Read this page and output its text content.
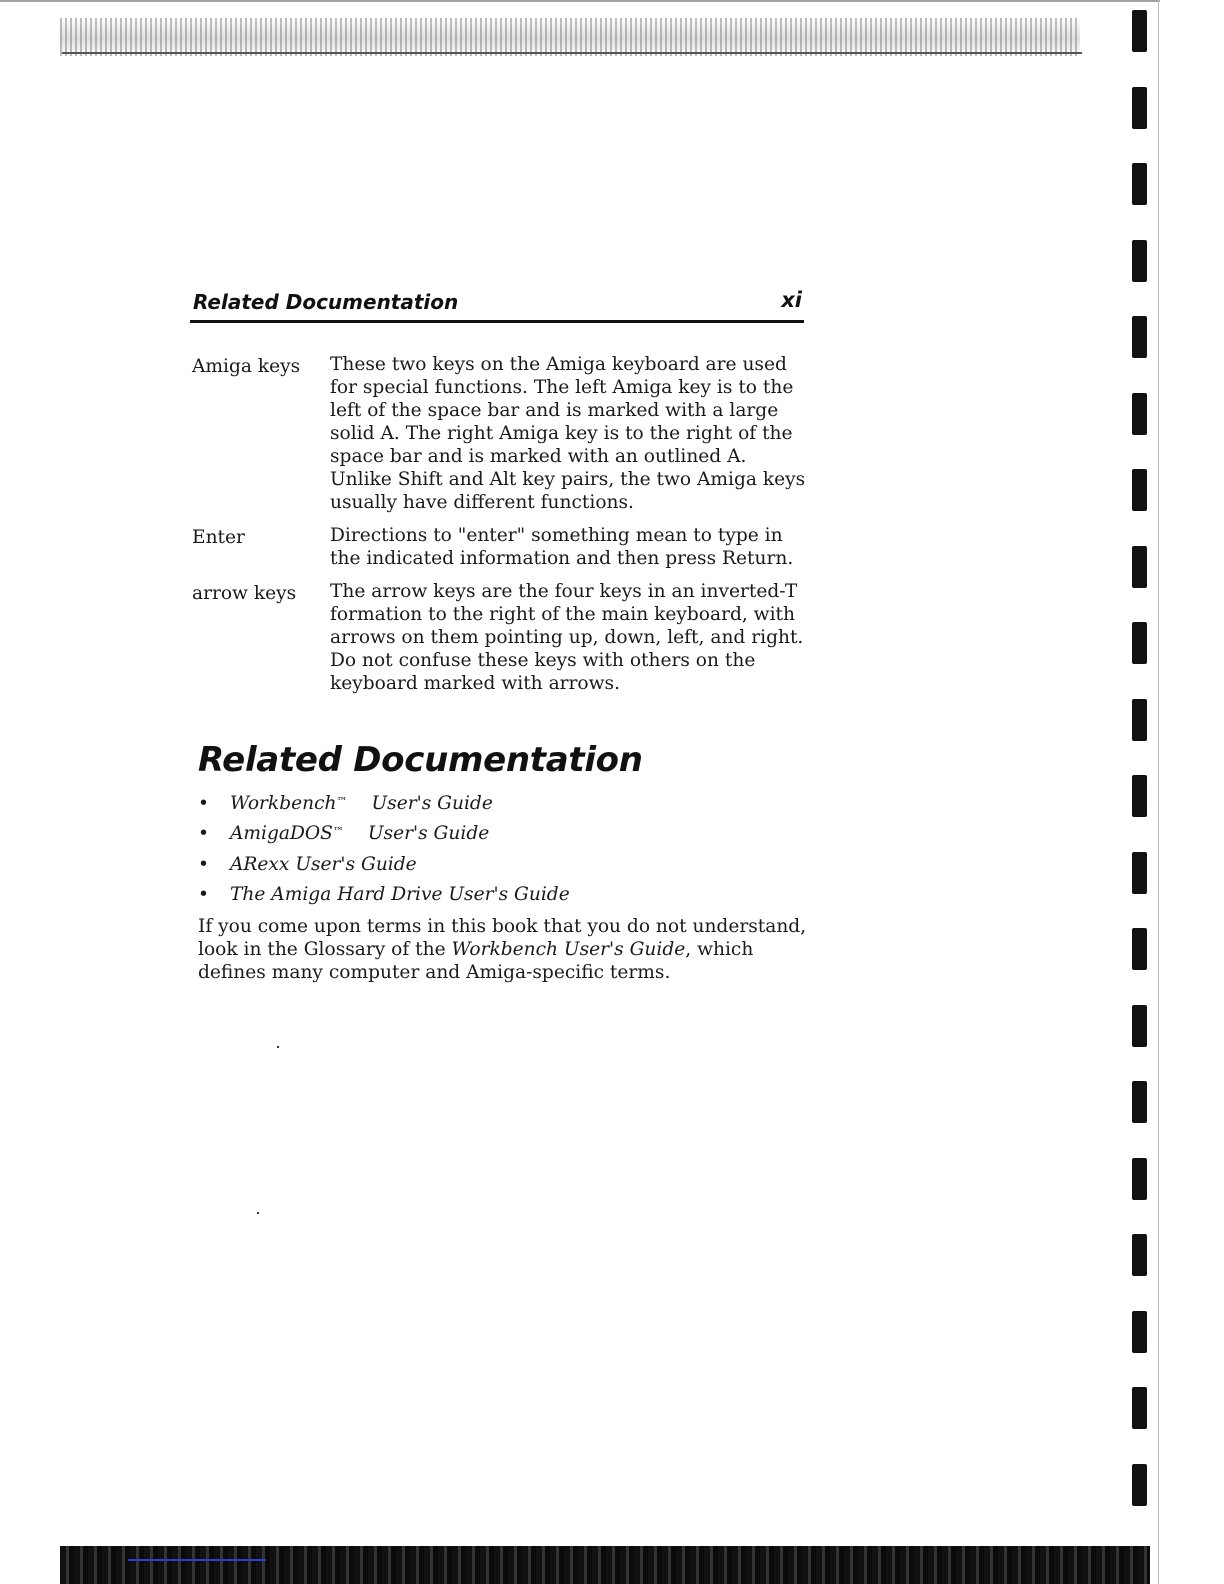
Related Documentation	xi
Amiga keys	These two keys on the Amiga keyboard are used for special functions. The left Amiga key is to the left of the space bar and is marked with a large solid A. The right Amiga key is to the right of the space bar and is marked with an outlined A. Unlike Shift and Alt key pairs, the two Amiga keys usually have different functions.
Enter	Directions to "enter" something mean to type in the indicated information and then press Return.
arrow keys	The arrow keys are the four keys in an inverted-T formation to the right of the main keyboard, with arrows on them pointing up, down, left, and right. Do not confuse these keys with others on the keyboard marked with arrows.
Related Documentation
• Workbench™ User's Guide
• AmigaDOS™ User's Guide
• ARexx User's Guide
• The Amiga Hard Drive User's Guide

If you come upon terms in this book that you do not understand, look in the Glossary of the Workbench User's Guide, which defines many computer and Amiga-specific terms.
